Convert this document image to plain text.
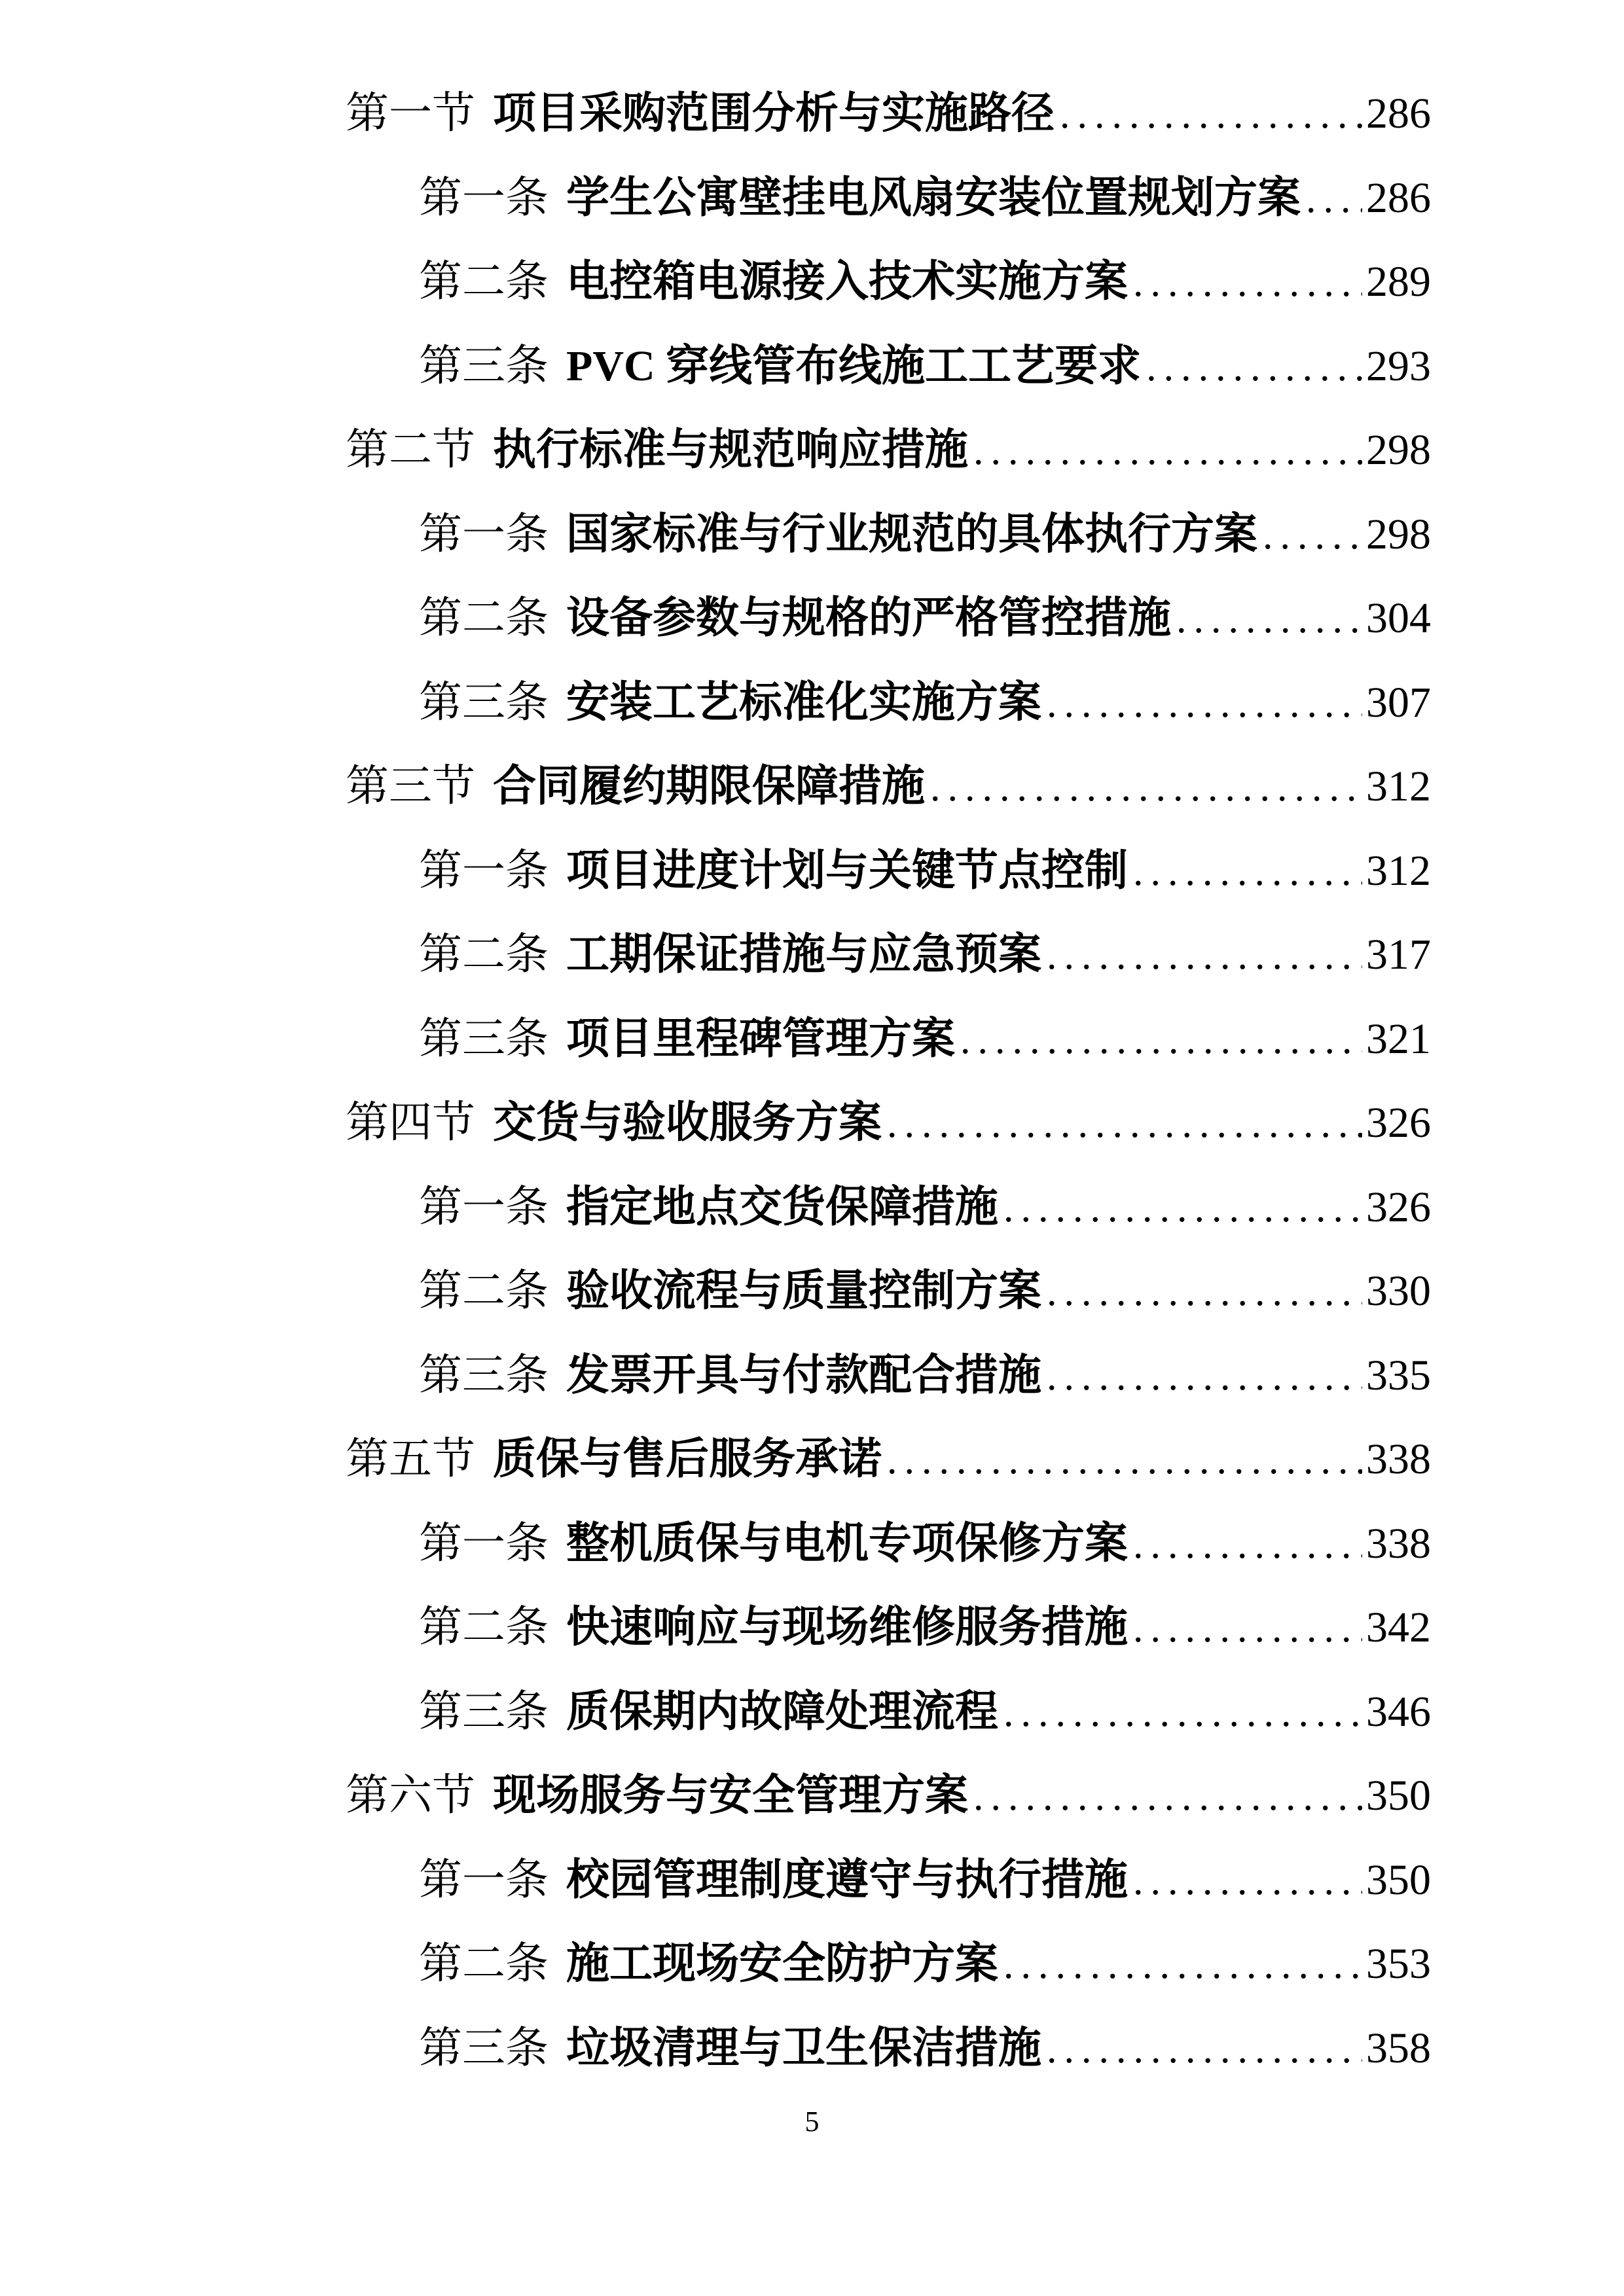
第一节 项目采购范围分析与实施路径 .....	286
第一条 学生公寓壁挂电风扇安装位置规划方案 ..... 286
第二条 电控箱电源接入技术实施方案 .....	289
第三条 PVC 穿线管布线施工工艺要求 .....	293
第二节 执行标准与规范响应措施 .....	298
第一条 国家标准与行业规范的具体执行方案 .....	298
第二条 设备参数与规格的严格管控措施 .....	304
第三条 安装工艺标准化实施方案 .....	307
第三节 合同履约期限保障措施 .....	312
第一条 项目进度计划与关键节点控制 .....	312
第二条 工期保证措施与应急预案 .....	317
第三条 项目里程碑管理方案 .....	321
第四节 交货与验收服务方案 .....	326
第一条 指定地点交货保障措施 .....	326
第二条 验收流程与质量控制方案 .....	330
第三条 发票开具与付款配合措施 .....	335
第五节 质保与售后服务承诺 .....	338
第一条 整机质保与电机专项保修方案 .....	338
第二条 快速响应与现场维修服务措施 .....	342
第三条 质保期内故障处理流程 .....	346
第六节 现场服务与安全管理方案 .....	350
第一条 校园管理制度遵守与执行措施 .....	350
第二条 施工现场安全防护方案 .....	353
第三条 垃圾清理与卫生保洁措施 .....	358
5
